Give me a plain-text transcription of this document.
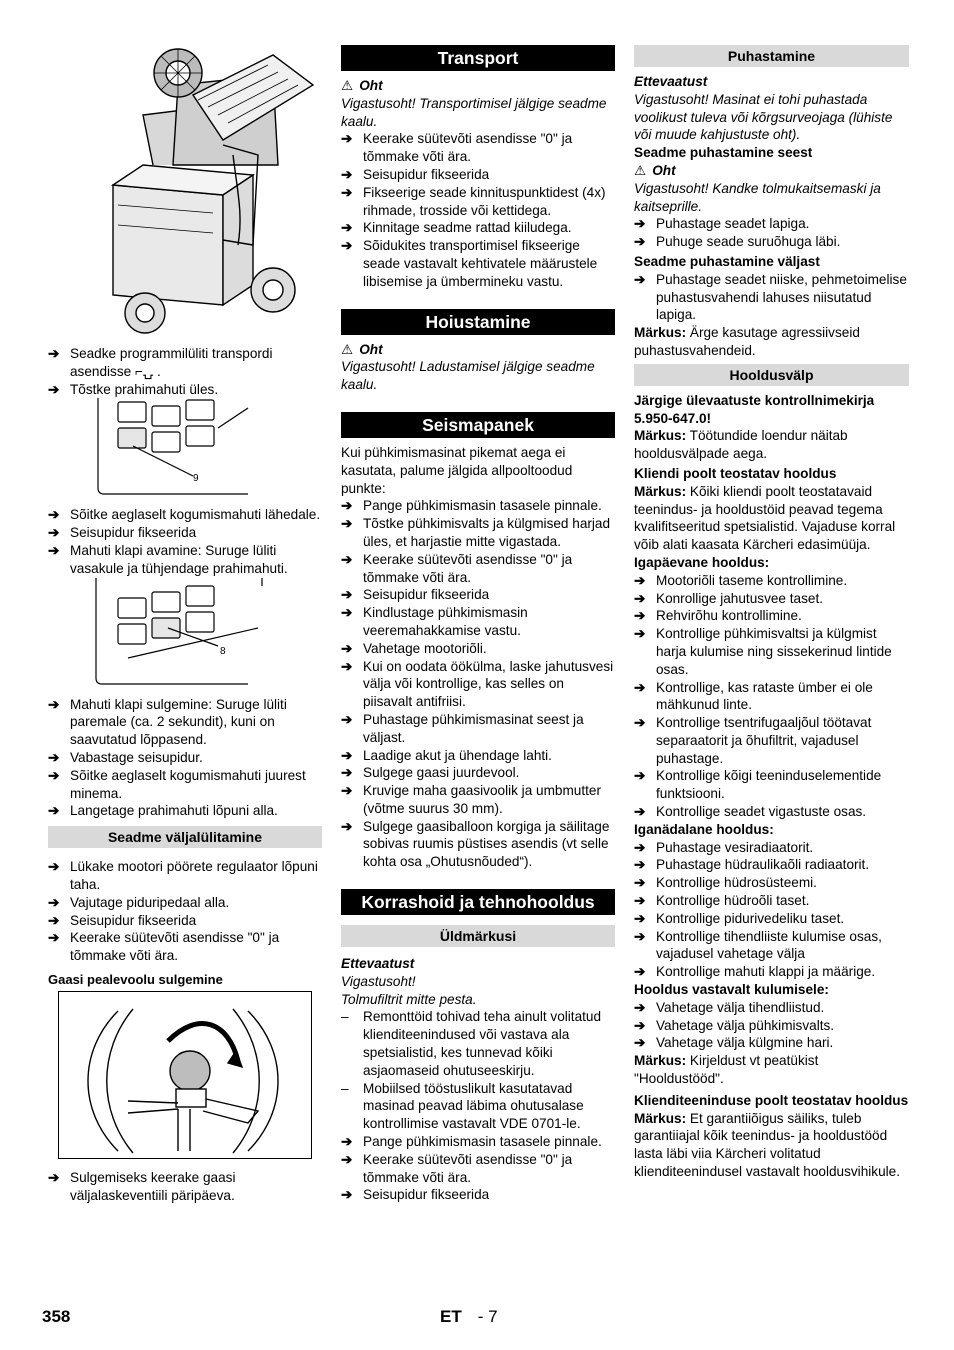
➔ Seadke programmilüliti transpordi asendisse ⌐⍽ .
➔ Tõstke prahimahuti üles.
9
➔ Sõitke aeglaselt kogumismahuti lähedale.
➔ Seisupidur fikseerida
➔ Mahuti klapi avamine: Suruge lüliti vasakule ja tühjendage prahimahuti.
8
➔ Mahuti klapi sulgemine: Suruge lüliti paremale (ca. 2 sekundit), kuni on saavutatud lõppasend.
➔ Vabastage seisupidur.
➔ Sõitke aeglaselt kogumismahuti juurest minema.
➔ Langetage prahimahuti lõpuni alla.
Seadme väljalülitamine
➔ Lükake mootori pöörete regulaator lõpuni taha.
➔ Vajutage piduripedaal alla.
➔ Seisupidur fikseerida
➔ Keerake süütevõti asendisse "0" ja tõmmake võti ära.
Gaasi pealevoolu sulgemine
➔ Sulgemiseks keerake gaasi väljalaskeventiili päripäeva.
Transport
⚠ Oht
Vigastusoht! Transportimisel jälgige seadme kaalu.
➔ Keerake süütevõti asendisse "0" ja tõmmake võti ära.
➔ Seisupidur fikseerida
➔ Fikseerige seade kinnituspunktidest (4x) rihmade, trosside või kettidega.
➔ Kinnitage seadme rattad kiiludega.
➔ Sõidukites transportimisel fikseerige seade vastavalt kehtivatele määrustele libisemise ja ümbermineku vastu.
Hoiustamine
⚠ Oht
Vigastusoht! Ladustamisel jälgige seadme kaalu.
Seismapanek
Kui pühkimismasinat pikemat aega ei kasutata, palume jälgida allpooltoodud punkte:
➔ Pange pühkimismasin tasasele pinnale.
➔ Tõstke pühkimisvalts ja külgmised harjad üles, et harjastie mitte vigastada.
➔ Keerake süütevõti asendisse "0" ja tõmmake võti ära.
➔ Seisupidur fikseerida
➔ Kindlustage pühkimismasin veeremahakkamise vastu.
➔ Vahetage mootoriõli.
➔ Kui on oodata öökülma, laske jahutusvesi välja või kontrollige, kas selles on piisavalt antifriisi.
➔ Puhastage pühkimismasinat seest ja väljast.
➔ Laadige akut ja ühendage lahti.
➔ Sulgege gaasi juurdevool.
➔ Kruvige maha gaasivoolik ja umbmutter (võtme suurus 30 mm).
➔ Sulgege gaasiballoon korgiga ja säilitage sobivas ruumis püstises asendis (vt selle kohta osa „Ohutusnõuded“).
Korrashoid ja tehnohooldus
Üldmärkusi
Ettevaatust
Vigastusoht!
Tolmufiltrit mitte pesta.
– Remonttöid tohivad teha ainult volitatud klienditeenindused või vastava ala spetsialistid, kes tunnevad kõiki asjaomaseid ohutuseeskirju.
– Mobiilsed tööstuslikult kasutatavad masinad peavad läbima ohutusalase kontrollimise vastavalt VDE 0701-le.
➔ Pange pühkimismasin tasasele pinnale.
➔ Keerake süütevõti asendisse "0" ja tõmmake võti ära.
➔ Seisupidur fikseerida
Puhastamine
Ettevaatust
Vigastusoht! Masinat ei tohi puhastada voolikust tuleva või kõrgsurveojaga (lühiste või muude kahjustuste oht).
Seadme puhastamine seest
⚠ Oht
Vigastusoht! Kandke tolmukaitsemaski ja kaitseprille.
➔ Puhastage seadet lapiga.
➔ Puhuge seade suruõhuga läbi.
Seadme puhastamine väljast
➔ Puhastage seadet niiske, pehmetoimelise puhastusvahendi lahuses niisutatud lapiga.
Märkus: Ärge kasutage agressiivseid puhastusvahendeid.
Hooldusvälp
Järgige ülevaatuste kontrollnimekirja 5.950-647.0!
Märkus: Töötundide loendur näitab hooldusvälpade aega.
Kliendi poolt teostatav hooldus
Märkus: Kõiki kliendi poolt teostatavaid teenindus- ja hooldustöid peavad tegema kvalifitseeritud spetsialistid. Vajaduse korral võib alati kaasata Kärcheri edasimüüja.
Igapäevane hooldus:
➔ Mootoriõli taseme kontrollimine.
➔ Konrollige jahutusvee taset.
➔ Rehvirõhu kontrollimine.
➔ Kontrollige pühkimisvaltsi ja külgmist harja kulumise ning sissekerinud lintide osas.
➔ Kontrollige, kas rataste ümber ei ole mähkunud linte.
➔ Kontrollige tsentrifugaaljõul töötavat separaatorit ja õhufiltrit, vajadusel puhastage.
➔ Kontrollige kõigi teeninduselementide funktsiooni.
➔ Kontrollige seadet vigastuste osas.
Iganädalane hooldus:
➔ Puhastage vesiradiaatorit.
➔ Puhastage hüdraulikaõli radiaatorit.
➔ Kontrollige hüdrosüsteemi.
➔ Kontrollige hüdroõli taset.
➔ Kontrollige pidurivedeliku taset.
➔ Kontrollige tihendliiste kulumise osas, vajadusel vahetage välja
➔ Kontrollige mahuti klappi ja määrige.
Hooldus vastavalt kulumisele:
➔ Vahetage välja tihendliistud.
➔ Vahetage välja pühkimisvalts.
➔ Vahetage välja külgmine hari.
Märkus: Kirjeldust vt peatükist "Hooldustööd".
Klienditeeninduse poolt teostatav hooldus
Märkus: Et garantiiõigus säiliks, tuleb garantiiajal kõik teenindus- ja hooldustööd lasta läbi viia Kärcheri volitatud klienditeenindusel vastavalt hooldusvihikule.
358	ET - 7
